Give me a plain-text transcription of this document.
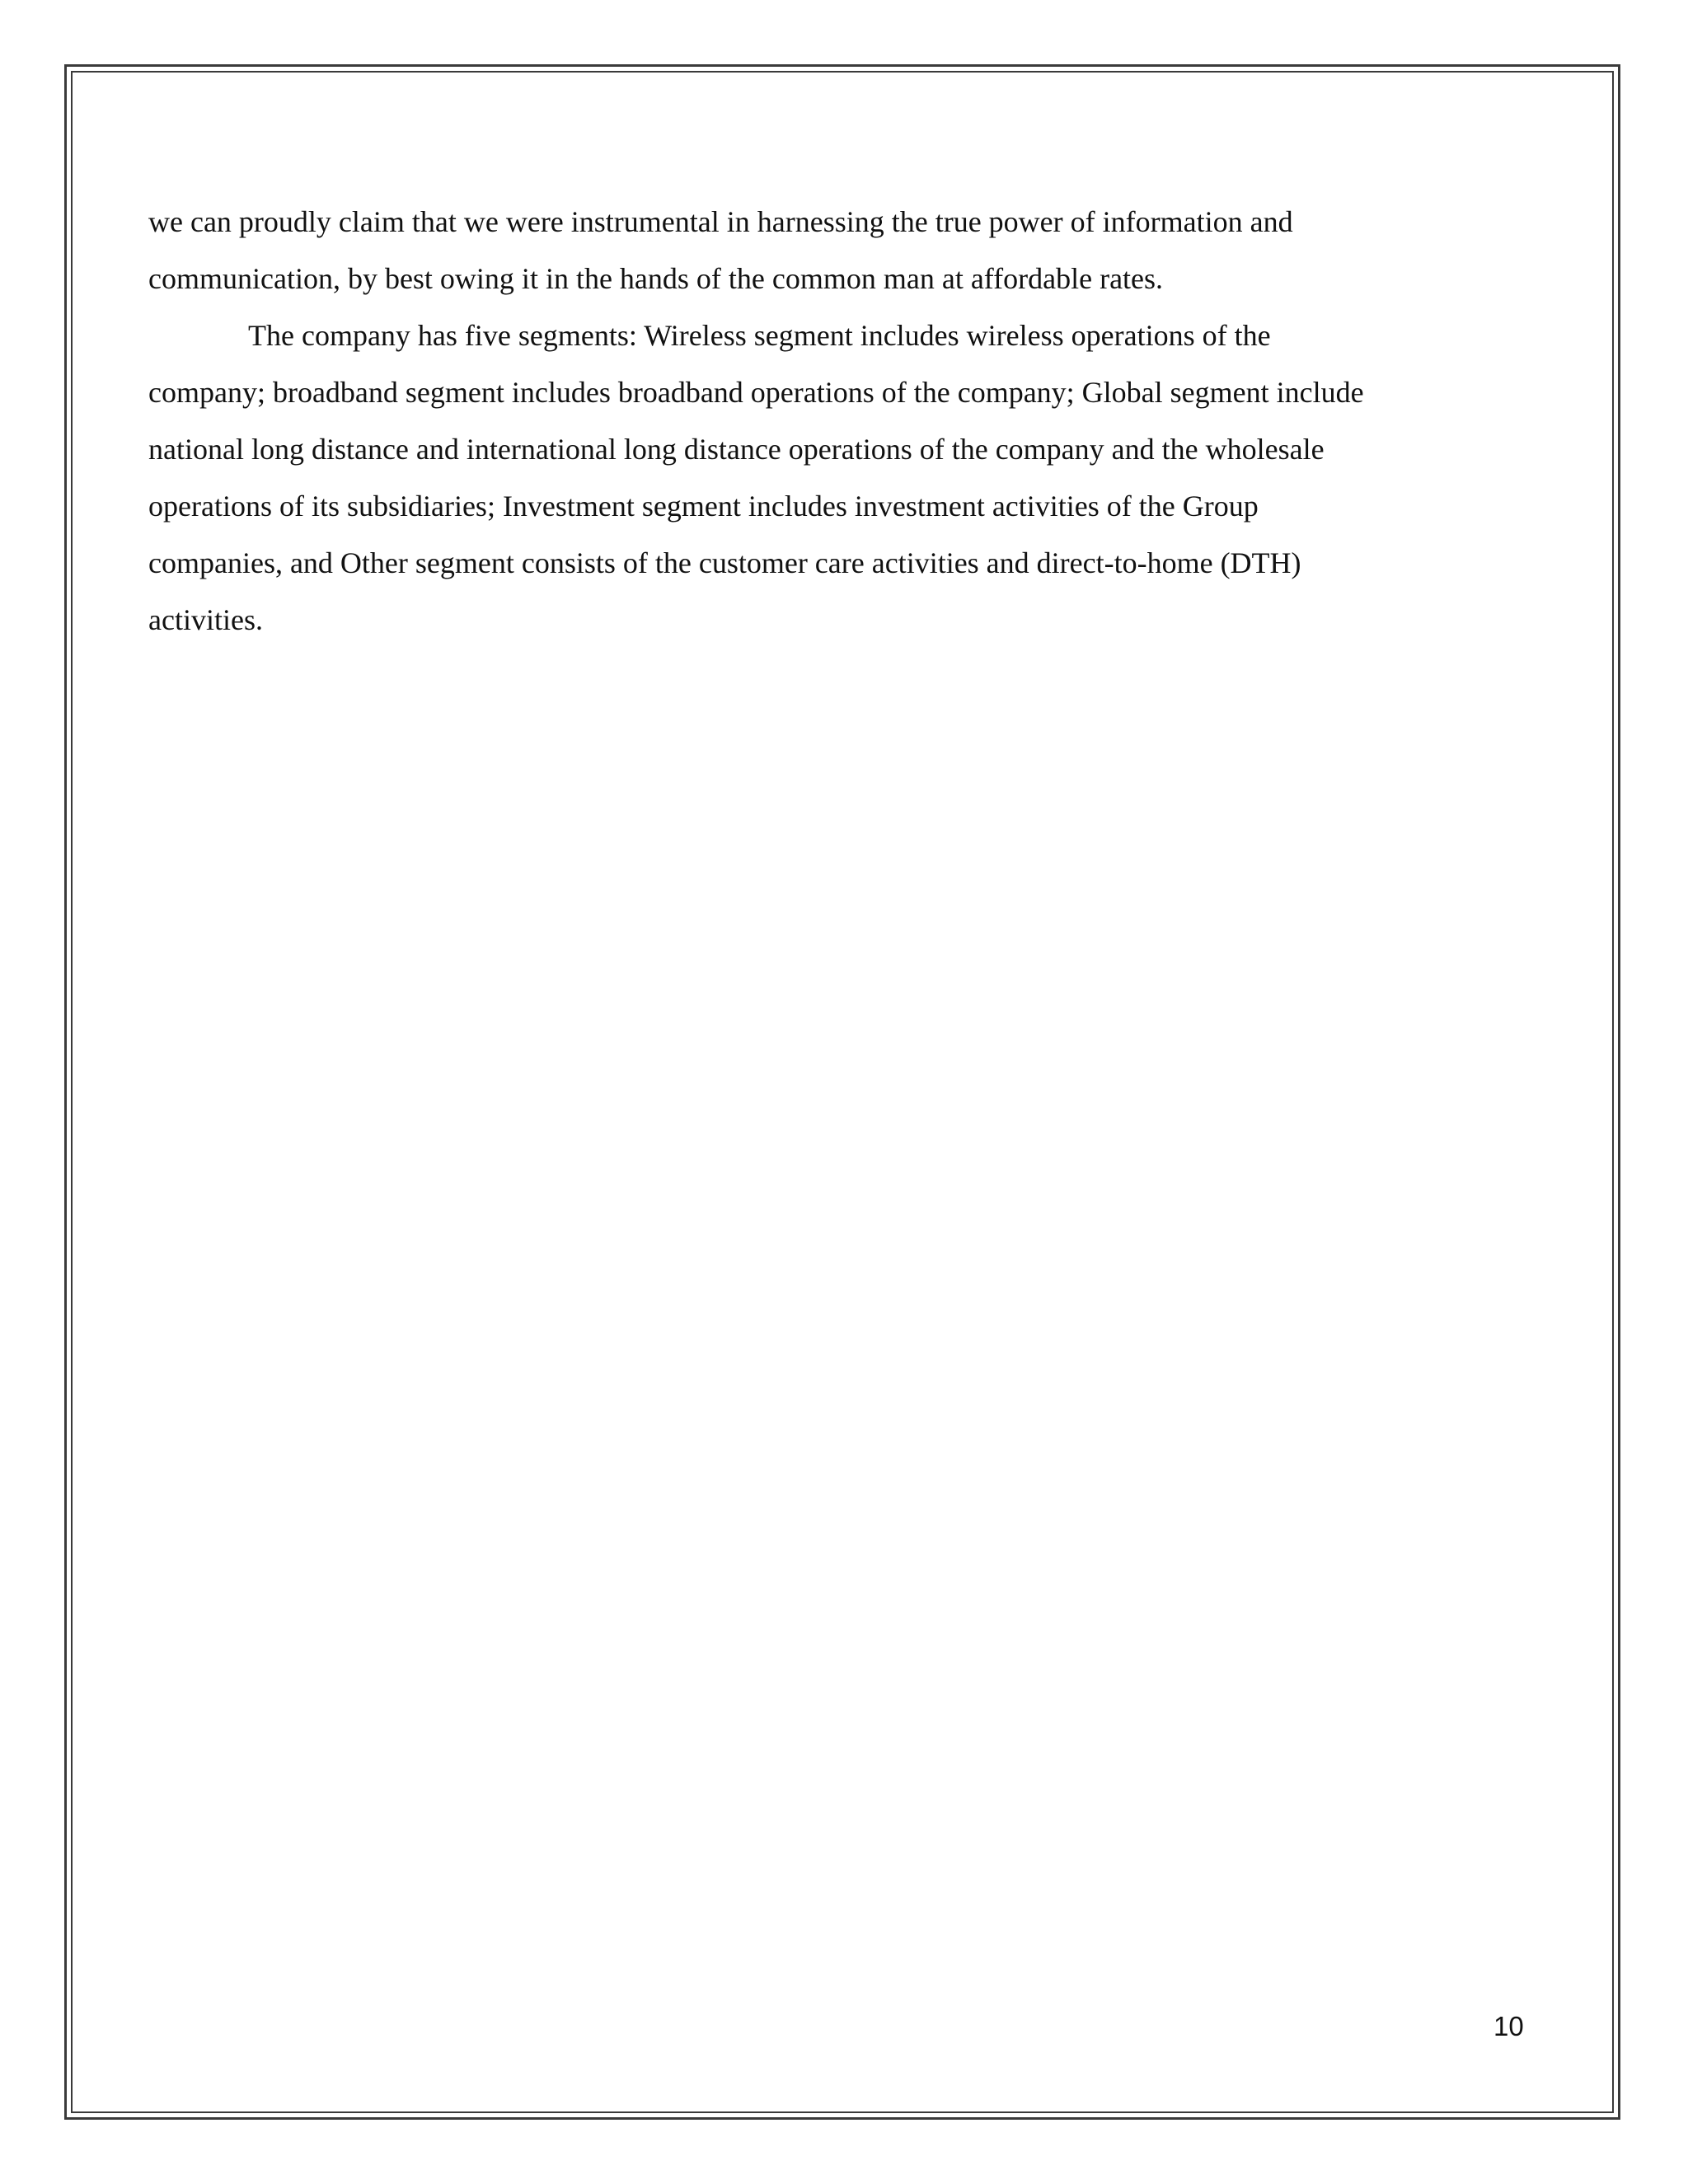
we can proudly claim that we were instrumental in harnessing the true power of information and
communication, by best owing it in the hands of the common man at affordable rates.
The company has five segments: Wireless segment includes wireless operations of the
company; broadband segment includes broadband operations of the company; Global segment include
national long distance and international long distance operations of the company and the wholesale
operations of its subsidiaries; Investment segment includes investment activities of the Group
companies, and Other segment consists of the customer care activities and direct-to-home (DTH)
activities.
10
